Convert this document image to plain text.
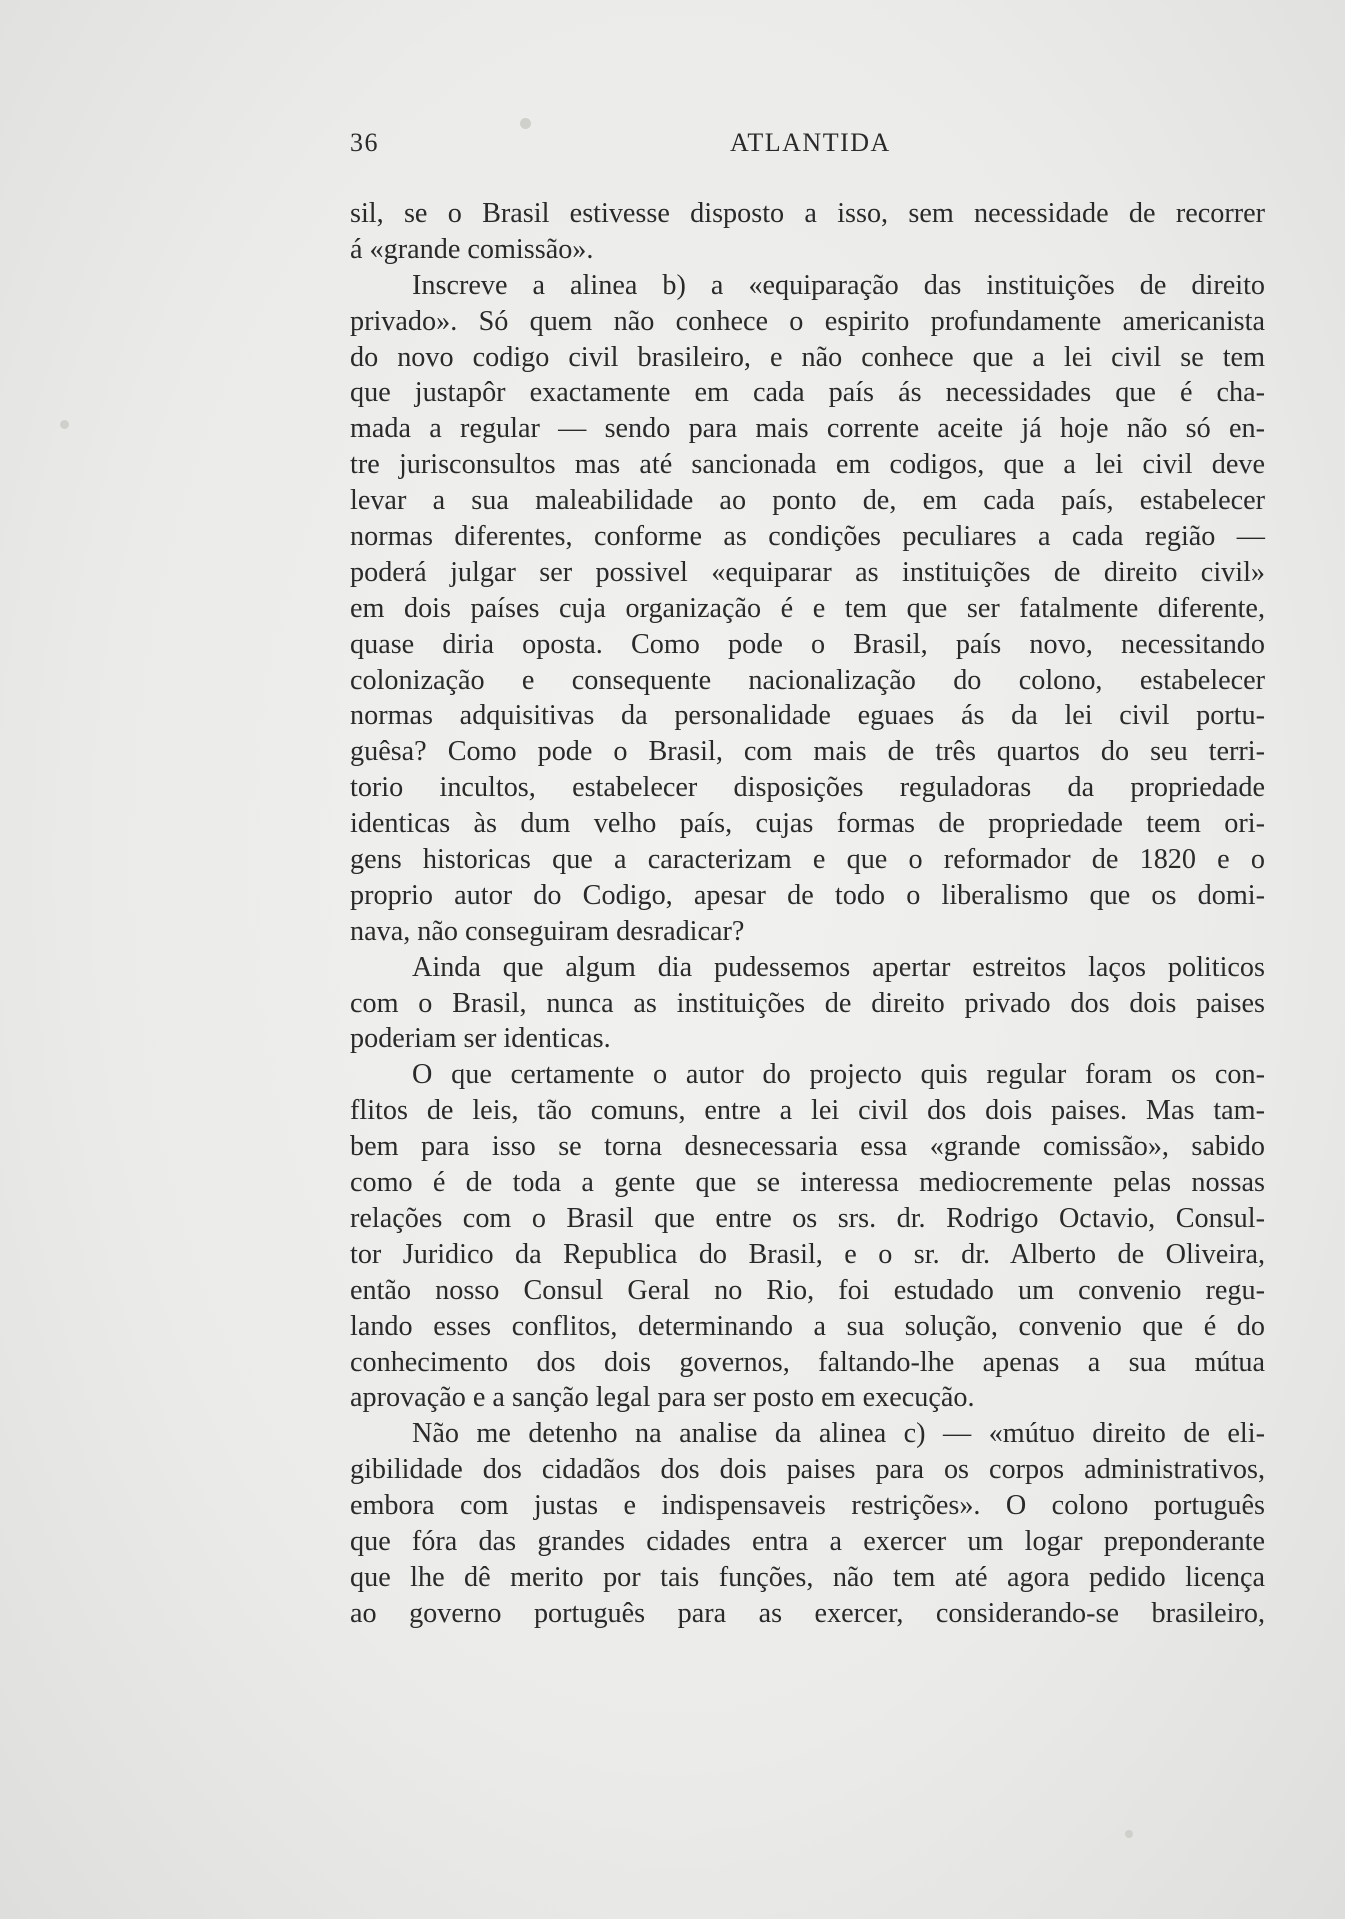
36	ATLANTIDA
sil, se o Brasil estivesse disposto a isso, sem necessidade de recorrer
á «grande comissão».
Inscreve a alinea b) a «equiparação das instituições de direito
privado». Só quem não conhece o espirito profundamente americanista
do novo codigo civil brasileiro, e não conhece que a lei civil se tem
que justapôr exactamente em cada país ás necessidades que é cha-
mada a regular — sendo para mais corrente aceite já hoje não só en-
tre jurisconsultos mas até sancionada em codigos, que a lei civil deve
levar a sua maleabilidade ao ponto de, em cada país, estabelecer
normas diferentes, conforme as condições peculiares a cada região —
poderá julgar ser possivel «equiparar as instituições de direito civil»
em dois países cuja organização é e tem que ser fatalmente diferente,
quase diria oposta. Como pode o Brasil, país novo, necessitando
colonização e consequente nacionalização do colono, estabelecer
normas adquisitivas da personalidade eguaes ás da lei civil portu-
guêsa? Como pode o Brasil, com mais de três quartos do seu terri-
torio incultos, estabelecer disposições reguladoras da propriedade
identicas às dum velho país, cujas formas de propriedade teem ori-
gens historicas que a caracterizam e que o reformador de 1820 e o
proprio autor do Codigo, apesar de todo o liberalismo que os domi-
nava, não conseguiram desradicar?
Ainda que algum dia pudessemos apertar estreitos laços politicos
com o Brasil, nunca as instituições de direito privado dos dois paises
poderiam ser identicas.
O que certamente o autor do projecto quis regular foram os con-
flitos de leis, tão comuns, entre a lei civil dos dois paises. Mas tam-
bem para isso se torna desnecessaria essa «grande comissão», sabido
como é de toda a gente que se interessa mediocremente pelas nossas
relações com o Brasil que entre os srs. dr. Rodrigo Octavio, Consul-
tor Juridico da Republica do Brasil, e o sr. dr. Alberto de Oliveira,
então nosso Consul Geral no Rio, foi estudado um convenio regu-
lando esses conflitos, determinando a sua solução, convenio que é do
conhecimento dos dois governos, faltando-lhe apenas a sua mútua
aprovação e a sanção legal para ser posto em execução.
Não me detenho na analise da alinea c) — «mútuo direito de eli-
gibilidade dos cidadãos dos dois paises para os corpos administrativos,
embora com justas e indispensaveis restrições». O colono português
que fóra das grandes cidades entra a exercer um logar preponderante
que lhe dê merito por tais funções, não tem até agora pedido licença
ao governo português para as exercer, considerando-se brasileiro,
